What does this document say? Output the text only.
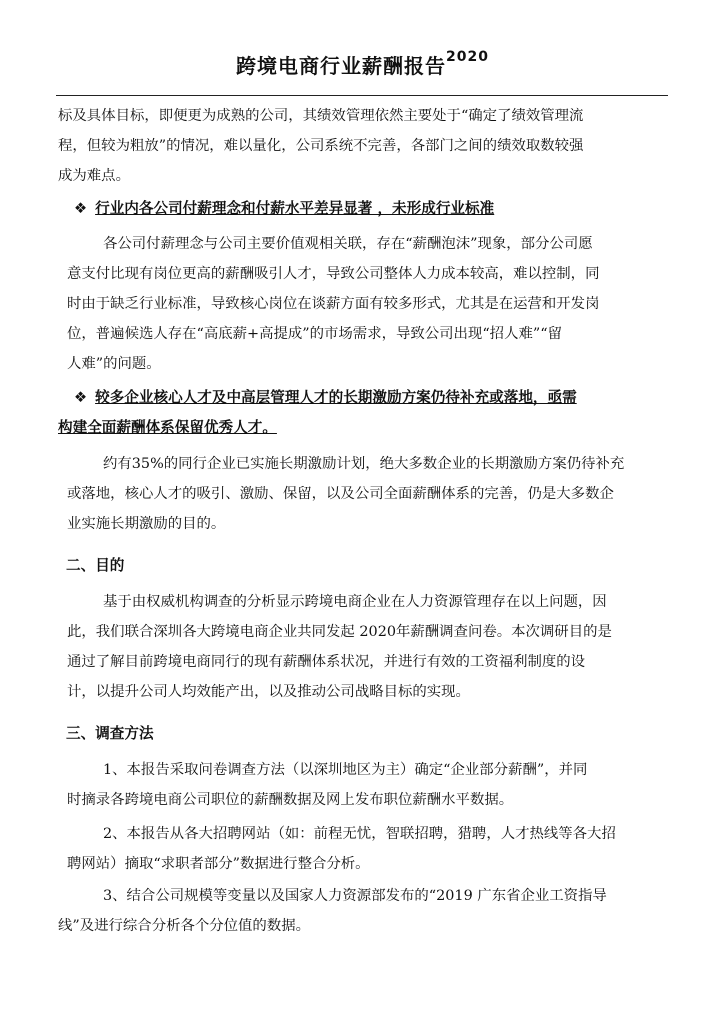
跨境电商行业薪酬报告$^{2020}$
标及具体目标，即便更为成熟的公司，其绩效管理依然主要处于“确定了绩效管理流
程，但较为粗放”的情况，难以量化，公司系统不完善，各部门之间的绩效取数较强
成为难点。
❖ 行业内各公司付薪理念和付薪水平差异显著 ，未形成行业标准
各公司付薪理念与公司主要价值观相关联，存在“薪酬泡沫”现象，部分公司愿
意支付比现有岗位更高的薪酬吸引人才，导致公司整体人力成本较高，难以控制，同
时由于缺乏行业标准，导致核心岗位在谈薪方面有较多形式，尤其是在运营和开发岗
位，普遍候选人存在“高底薪+高提成”的市场需求，导致公司出现“招人难”“留
人难”的问题。
❖ 较多企业核心人才及中高层管理人才的长期激励方案仍待补充或落地，亟需
构建全面薪酬体系保留优秀人才。
约有35%的同行企业已实施长期激励计划，绝大多数企业的长期激励方案仍待补充
或落地，核心人才的吸引、激励、保留，以及公司全面薪酬体系的完善，仍是大多数企
业实施长期激励的目的。
二、目的
基于由权威机构调查的分析显示跨境电商企业在人力资源管理存在以上问题，因
此，我们联合深圳各大跨境电商企业共同发起 2020年薪酬调查问卷。本次调研目的是
通过了解目前跨境电商同行的现有薪酬体系状况，并进行有效的工资福利制度的设
计，以提升公司人均效能产出，以及推动公司战略目标的实现。
三、调查方法
1、本报告采取问卷调查方法（以深圳地区为主）确定“企业部分薪酬”，并同
时摘录各跨境电商公司职位的薪酬数据及网上发布职位薪酬水平数据。
2、本报告从各大招聘网站（如：前程无忧，智联招聘，猎聘，人才热线等各大招
聘网站）摘取“求职者部分”数据进行整合分析。
3、结合公司规模等变量以及国家人力资源部发布的“2019 广东省企业工资指导
线”及进行综合分析各个分位值的数据。
